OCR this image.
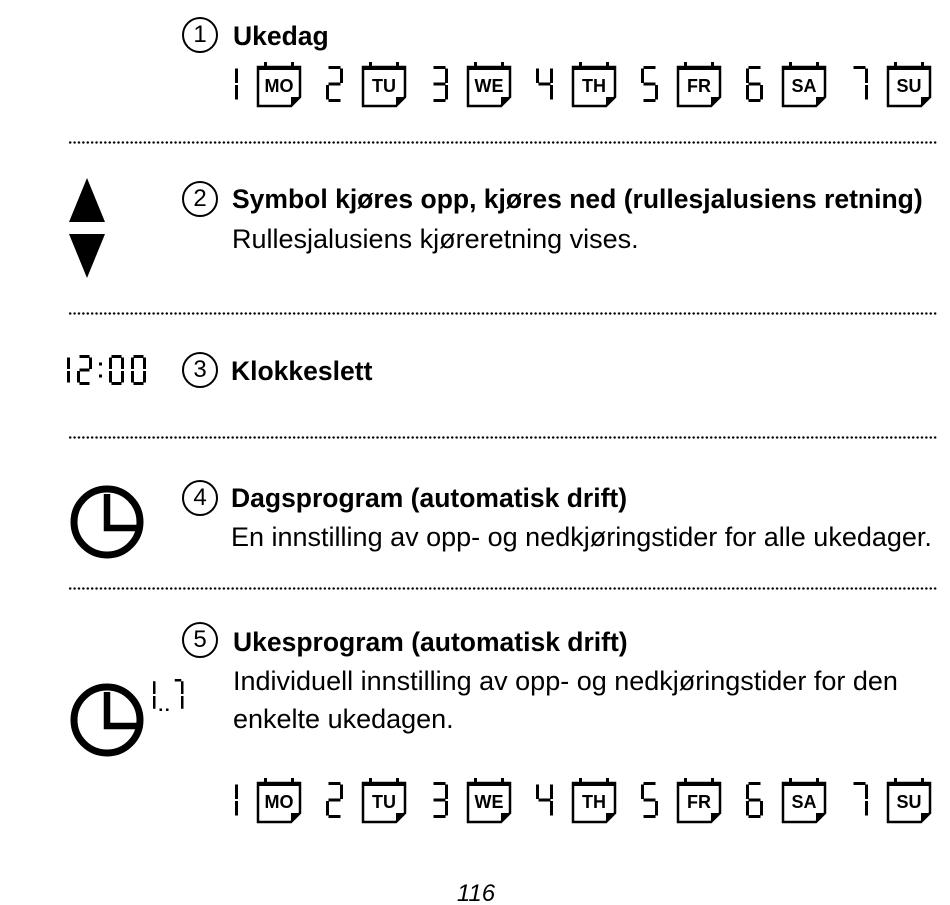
1 Ukedag
MO	TU	WE	TH	FR	SA	SU
2 Symbol kjøres opp, kjøres ned (rullesjalusiens retning)
Rullesjalusiens kjøreretning vises.
3 Klokkeslett
4 Dagsprogram (automatisk drift)
En innstilling av opp- og nedkjøringstider for alle ukedager.
5 Ukesprogram (automatisk drift)
Individuell innstilling av opp- og nedkjøringstider for den
enkelte ukedagen.
MO	TU	WE	TH	FR	SA	SU
116
